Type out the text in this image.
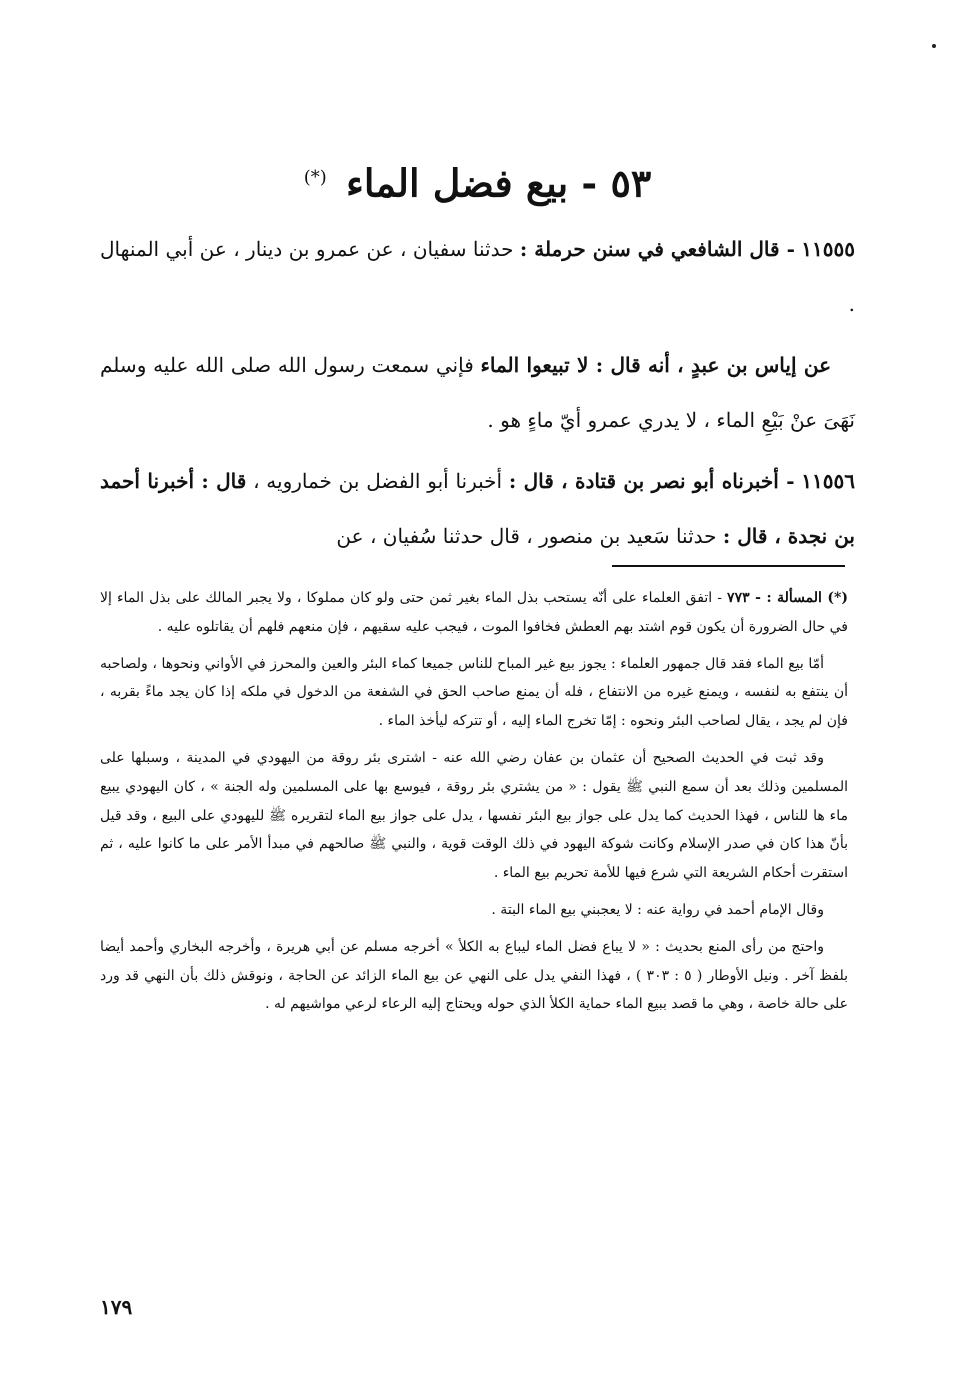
٥٣ - بيع فضل الماء (*)

١١٥٥٥ - قال الشافعي في سنن حرملة : حدثنا سفيان ، عن عمرو بن دينار ، عن أبي المنهال .

عن إياس بن عبدٍ ، أنه قال : لا تبيعوا الماء فإني سمعت رسول الله صلى الله عليه وسلم نَهَىَ عنْ بَيْعِ الماء ، لا يدري عمرو أيّ ماءٍ هو .

١١٥٥٦ - أخبرناه أبو نصر بن قتادة ، قال : أخبرنا أبو الفضل بن خمارويه ، قال : أخبرنا أحمد بن نجدة ، قال : حدثنا سَعيد بن منصور ، قال حدثنا سُفيان ، عن

(*) المسألة : - ٧٧٣ - اتفق العلماء على أنّه يستحب بذل الماء بغير ثمن حتى ولو كان مملوكا ، ولا يجبر المالك على بذل الماء إلا في حال الضرورة أن يكون قوم اشتد بهم العطش فخافوا الموت ، فيجب عليه سقيهم ، فإن منعهم فلهم أن يقاتلوه عليه .

أمّا بيع الماء فقد قال جمهور العلماء : يجوز بيع غير المباح للناس جميعا كماء البئر والعين والمحرز في الأواني ونحوها ، ولصاحبه أن ينتفع به لنفسه ، ويمنع غيره من الانتفاع ، فله أن يمنع صاحب الحق في الشفعة من الدخول في ملكه إذا كان يجد ماءً بقربه ، فإن لم يجد ، يقال لصاحب البئر ونحوه : إمّا تخرج الماء إليه ، أو تتركه ليأخذ الماء .

وقد ثبت في الحديث الصحيح أن عثمان بن عفان رضي الله عنه - اشترى بئر روقة من اليهودي في المدينة ، وسبلها على المسلمين وذلك بعد أن سمع النبي ﷺ يقول : « من يشتري بئر روقة ، فيوسع بها على المسلمين وله الجنة » ، كان اليهودي يبيع ماء ها للناس ، فهذا الحديث كما يدل على جواز بيع البئر نفسها ، يدل على جواز بيع الماء لتقريره ﷺ لليهودي على البيع ، وقد قيل بأنّ هذا كان في صدر الإسلام وكانت شوكة اليهود في ذلك الوقت قوية ، والنبي ﷺ صالحهم في مبدأ الأمر على ما كانوا عليه ، ثم استقرت أحكام الشريعة التي شرع فيها للأمة تحريم بيع الماء .

وقال الإمام أحمد في رواية عنه : لا يعجبني بيع الماء البتة .

واحتج من رأى المنع بحديث : « لا يباع فضل الماء ليباع به الكلأ » أخرجه مسلم عن أبي هريرة ، وأخرجه البخاري وأحمد أيضا بلفظ آخر . ونيل الأوطار ( ٥ : ٣٠٣ ) ، فهذا النفي يدل على النهي عن بيع الماء الزائد عن الحاجة ، ونوقش ذلك بأن النهي قد ورد على حالة خاصة ، وهي ما قصد ببيع الماء حماية الكلأ الذي حوله ويحتاج إليه الرعاء لرعي مواشيهم له .

١٧٩
